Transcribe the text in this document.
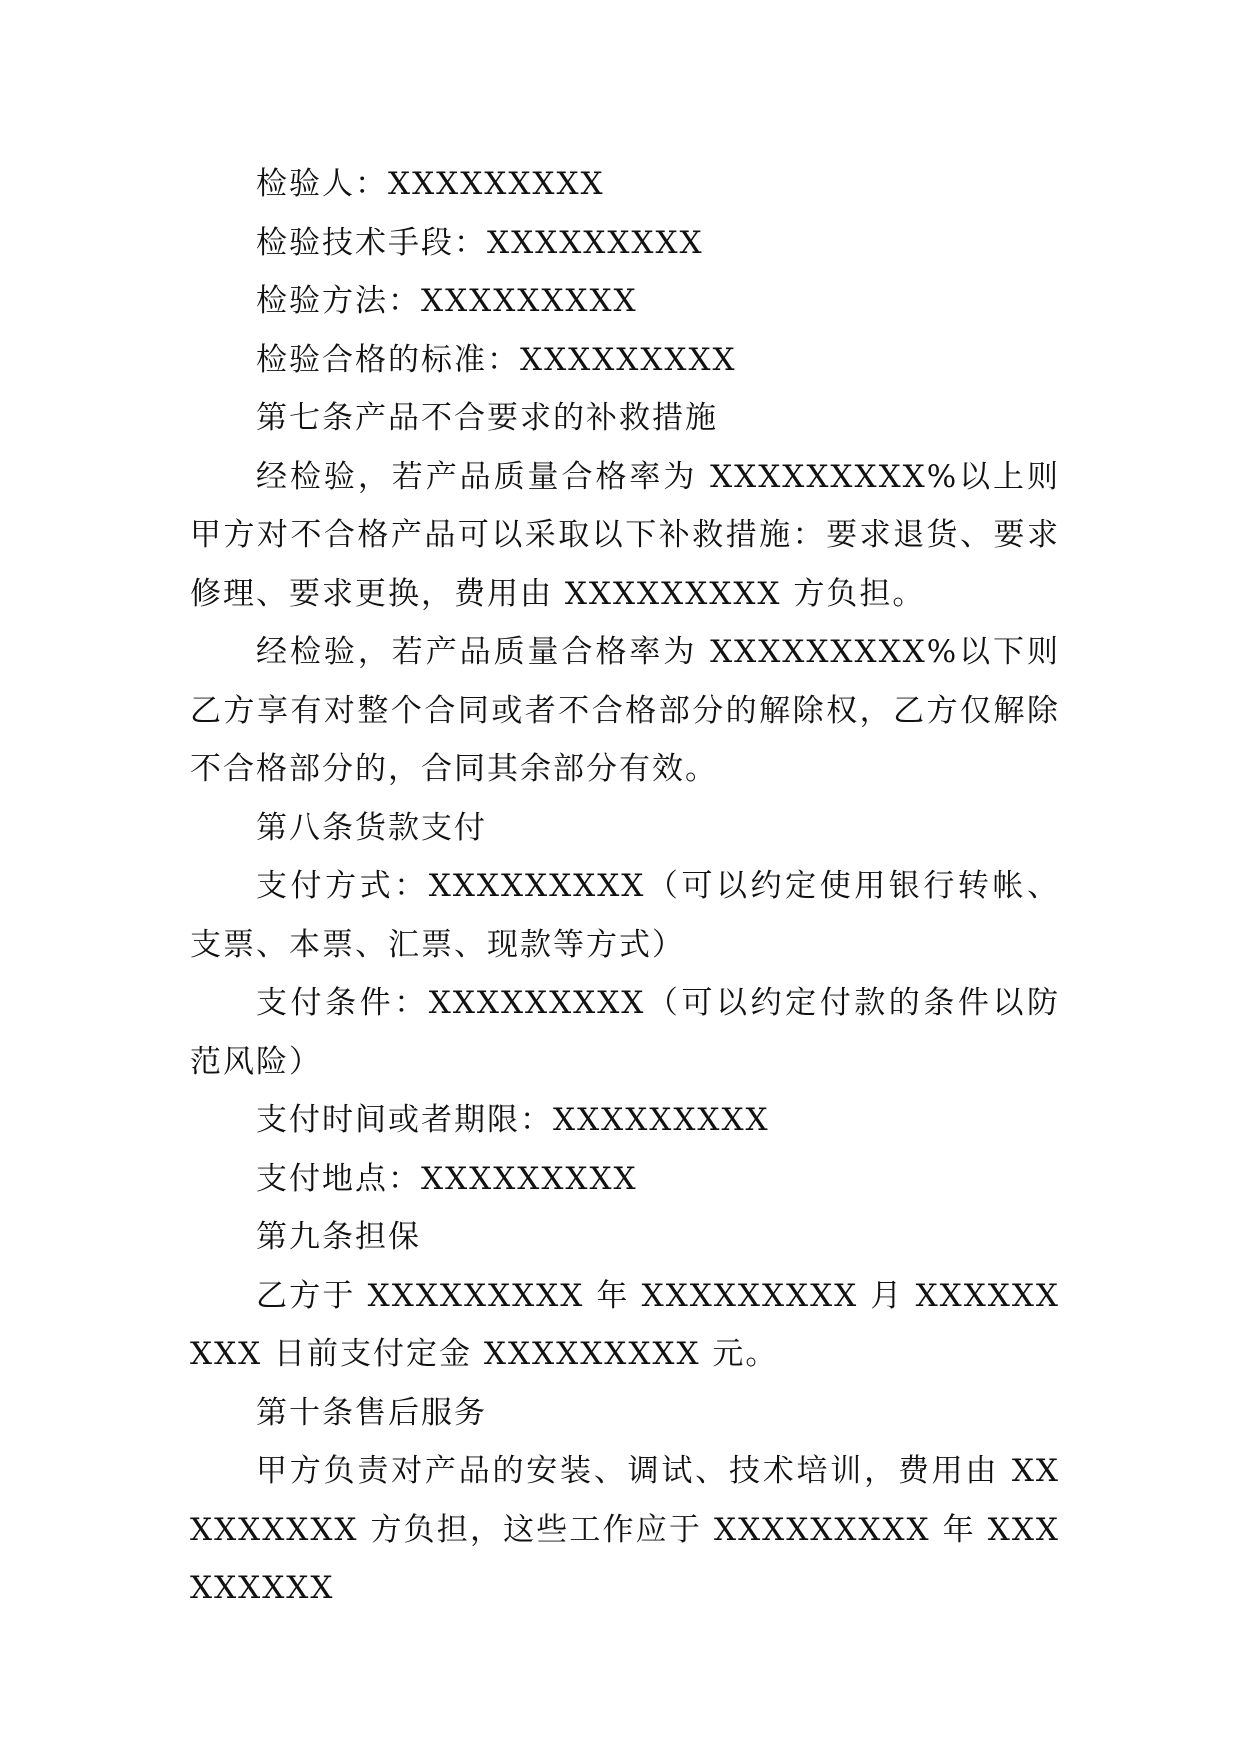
检验人：XXXXXXXXX

检验技术手段：XXXXXXXXX

检验方法：XXXXXXXXX

检验合格的标准：XXXXXXXXX

第七条产品不合要求的补救措施

经检验，若产品质量合格率为 XXXXXXXXX%以上则甲方对不合格产品可以采取以下补救措施：要求退货、要求修理、要求更换，费用由 XXXXXXXXX 方负担。

经检验，若产品质量合格率为 XXXXXXXXX%以下则乙方享有对整个合同或者不合格部分的解除权，乙方仅解除不合格部分的，合同其余部分有效。

第八条货款支付

支付方式：XXXXXXXXX（可以约定使用银行转帐、支票、本票、汇票、现款等方式）

支付条件：XXXXXXXXX（可以约定付款的条件以防范风险）

支付时间或者期限：XXXXXXXXX

支付地点：XXXXXXXXX

第九条担保

乙方于 XXXXXXXXX 年 XXXXXXXXX 月 XXXXXXXXX 日前支付定金 XXXXXXXXX 元。

第十条售后服务

甲方负责对产品的安装、调试、技术培训，费用由 XXXXXXXXX 方负担，这些工作应于 XXXXXXXXX 年 XXXXXXXXX
